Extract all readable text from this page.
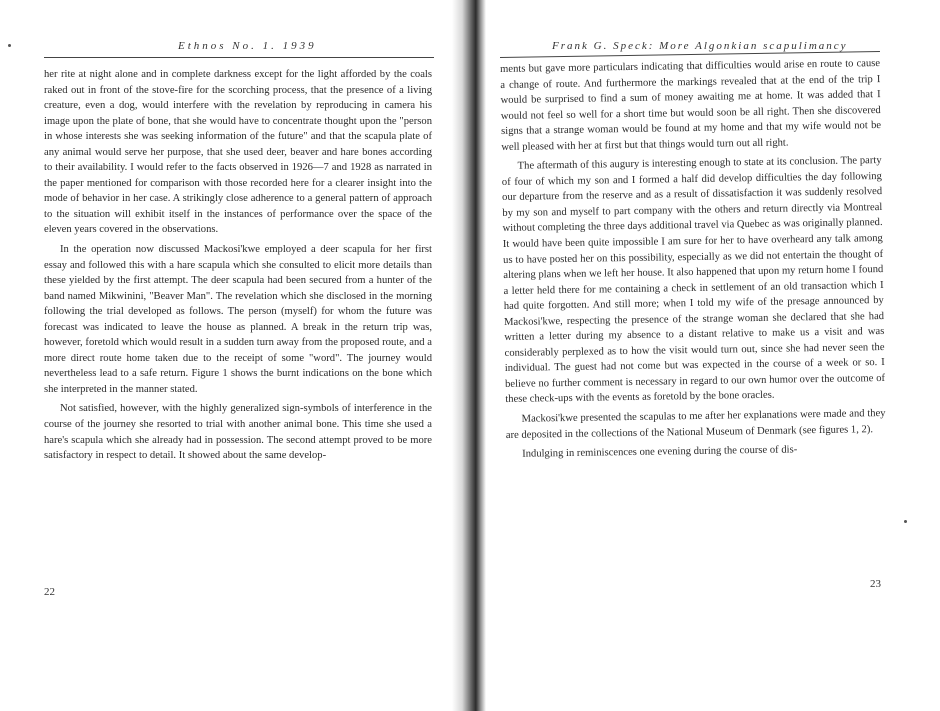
Ethnos No. 1. 1939

her rite at night alone and in complete darkness except for the light afforded by the coals raked out in front of the stove-fire for the scorching process, that the presence of a living creature, even a dog, would interfere with the revelation by reproducing in camera his image upon the plate of bone, that she would have to concentrate thought upon the "person in whose interests she was seeking information of the future" and that the scapula plate of any animal would serve her purpose, that she used deer, beaver and hare bones according to their availability. I would refer to the facts observed in 1926—7 and 1928 as narrated in the paper mentioned for comparison with those recorded here for a clearer insight into the mode of behavior in her case. A strikingly close adherence to a general pattern of approach to the situation will exhibit itself in the instances of performance over the space of the eleven years covered in the observations.

In the operation now discussed Mackosi'kwe employed a deer scapula for her first essay and followed this with a hare scapula which she consulted to elicit more details than these yielded by the first attempt. The deer scapula had been secured from a hunter of the band named Mikwinini, "Beaver Man". The revelation which she disclosed in the morning following the trial developed as follows. The person (myself) for whom the future was forecast was indicated to leave the house as planned. A break in the return trip was, however, foretold which would result in a sudden turn away from the proposed route, and a more direct route home taken due to the receipt of some "word". The journey would nevertheless lead to a safe return. Figure 1 shows the burnt indications on the bone which she interpreted in the manner stated.

Not satisfied, however, with the highly generalized sign-symbols of interference in the course of the journey she resorted to trial with another animal bone. This time she used a hare's scapula which she already had in possession. The second attempt proved to be more satisfactory in respect to detail. It showed about the same develop-

22
Frank G. Speck: More Algonkian scapulimancy

ments but gave more particulars indicating that difficulties would arise en route to cause a change of route. And furthermore the markings revealed that at the end of the trip I would be surprised to find a sum of money awaiting me at home. It was added that I would not feel so well for a short time but would soon be all right. Then she discovered signs that a strange woman would be found at my home and that my wife would not be well pleased with her at first but that things would turn out all right.

The aftermath of this augury is interesting enough to state at its conclusion. The party of four of which my son and I formed a half did develop difficulties the day following our departure from the reserve and as a result of dissatisfaction it was suddenly resolved by my son and myself to part company with the others and return directly via Montreal without completing the three days additional travel via Quebec as was originally planned. It would have been quite impossible I am sure for her to have overheard any talk among us to have posted her on this possibility, especially as we did not entertain the thought of altering plans when we left her house. It also happened that upon my return home I found a letter held there for me containing a check in settlement of an old transaction which I had quite forgotten. And still more; when I told my wife of the presage announced by Mackosi'kwe, respecting the presence of the strange woman she declared that she had written a letter during my absence to a distant relative to make us a visit and was considerably perplexed as to how the visit would turn out, since she had never seen the individual. The guest had not come but was expected in the course of a week or so. I believe no further comment is necessary in regard to our own humor over the outcome of these check-ups with the events as foretold by the bone oracles.

Mackosi'kwe presented the scapulas to me after her explanations were made and they are deposited in the collections of the National Museum of Denmark (see figures 1, 2).

Indulging in reminiscences one evening during the course of dis-

23
